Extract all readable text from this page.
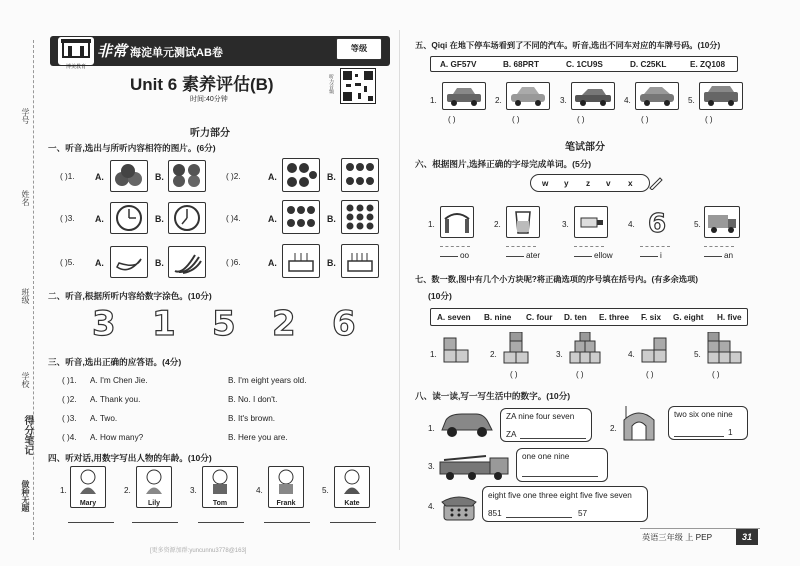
学号
姓名
班级
学校
得分笔记
做种无题
博美教育
非常 海淀单元测试AB卷	等级
Unit 6 素养评估(B)
时间:40分钟
听力音频
听力部分
一、听音,选出与所听内容相符的图片。(6分)
( )1. A.	B.	( )2.	A.	B.
( )3. A.	B.	( )4.	A.	B.
( )5. A.	B.	( )6.	A.	B.
二、听音,根据所听内容给数字涂色。(10分)
3 1 5 2 6
三、听音,选出正确的应答语。(4分)
( )1. A. I'm Chen Jie.	B. I'm eight years old.
( )2. A. Thank you.	B. No. I don't.
( )3. A. Two.	B. It's brown.
( )4. A. How many?	B. Here you are.
四、听对话,用数字写出人物的年龄。(10分)
1.
Mary
2.
Lily
3.
Tom
4.
Frank
5.
Kate
[更多资源加群:yuncunnu3778@163]
五、Qiqi 在地下停车场看到了不同的汽车。听音,选出不同车对应的车牌号码。(10分)
A. GF57V	B. 68PRT	C. 1CU9S	D. C25KL	E. ZQ108
1.
( )
2.
( )
3.
( )
4.
( )
5.
( )
笔试部分
六、根据图片,选择正确的字母完成单词。(5分)
w y z v x
1.
oo
2.
ater
3.
ellow
4. 6
i
5.
an
七、数一数,图中有几个小方块呢?将正确选项的序号填在括号内。(有多余选项)
(10分)
A. seven B. nine C. four D. ten E. three F. six G. eight H. five
1.	2.
( )
3.
( )
4.
( )
5.
( )
八、读一读,写一写生活中的数字。(10分)
1.
ZA nine four seven
ZA
2.
two six one nine
1
3.
one one nine
4.
eight five one three eight five five seven
851	57
英语三年级 上 PEP	31
